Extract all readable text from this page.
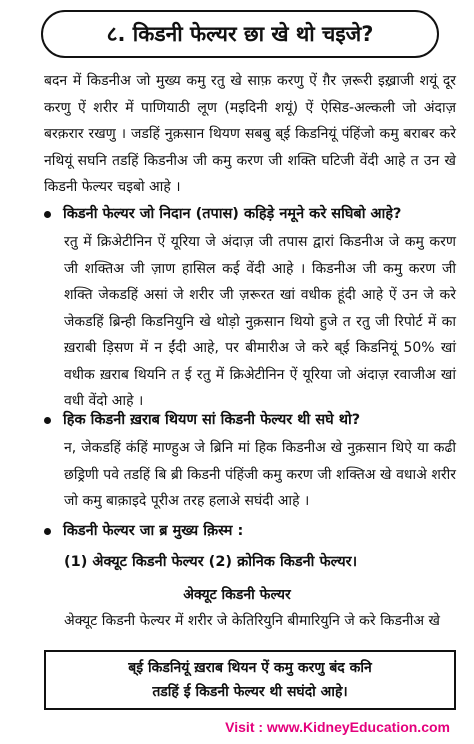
८. किडनी फेल्यर छा खे थो चइजे?

बदन में किडनीअ जो मुख्य कमु रतु खे साफ़ करणु ऐं ग़ैर ज़रूरी इख़्राजी शयूं दूर करणु ऐं शरीर में पाणियाठी लूण (मइदिनी शयूं) ऐं ऐसिड-अल्कली जो अंदाज़ बरक़रार रखणु । जडहिं नुक़सान थियण सबबु ब्ई किडनियूं पंहिंजो कमु बराबर करे नथियूं सघनि तडहिं किडनीअ जी कमु करण जी शक्ति घटिजी वेंदी आहे त उन खे किडनी फेल्यर चइबो आहे ।

किडनी फेल्यर जो निदान (तपास) कहिड़े नमूने करे सघिबो आहे?

रतु में क्रिअेटीनिन ऐं यूरिया जे अंदाज़ जी तपास द्वारां किडनीअ जे कमु करण जी शक्तिअ जी ज़ाण हासिल कई वेंदी आहे । किडनीअ जी कमु करण जी शक्ति जेकडहिं असां जे शरीर जी ज़रूरत खां वधीक हूंदी आहे ऐं उन जे करे जेकडहिं ब्रिन्ही किडनियुनि खे थोड़ो नुक़सान थियो हुजे त रतु जी रिपोर्ट में का ख़राबी ड़िसण में न ईंदी आहे, पर बीमारीअ जे करे ब्ई किडनियूं 50% खां वधीक ख़राब थियनि त ई रतु में क्रिअेटीनिन ऐं यूरिया जो अंदाज़ रवाजीअ खां वधी वेंदो आहे ।

हिक किडनी ख़राब थियण सां किडनी फेल्यर थी सघे थो?

न, जेकडहिं कंहिं माण्हुअ जे ब्रिनि मां हिक किडनीअ खे नुक़सान थिऐ या कढी छड्रिणी पवे तडहिं बि ब्री किडनी पंहिंजी कमु करण जी शक्तिअ खे वधाअे शरीर जो कमु बाक़ाइदे पूरीअ तरह हलाअे सघंदी आहे ।

किडनी फेल्यर जा ब्र मुख्य क़िस्म :
(1) अेक्यूट किडनी फेल्यर (2) क्रोनिक किडनी फेल्यर।
अेक्यूट किडनी फेल्यर

अेक्यूट किडनी फेल्यर में शरीर जे केतिरियुनि बीमारियुनि जे करे किडनीअ खे

ब्ई किडनियूं ख़राब थियन ऐं कमु करणु बंद कनि
तडहिं ई किडनी फेल्यर थी सघंदो आहे।
Visit : www.KidneyEducation.com
